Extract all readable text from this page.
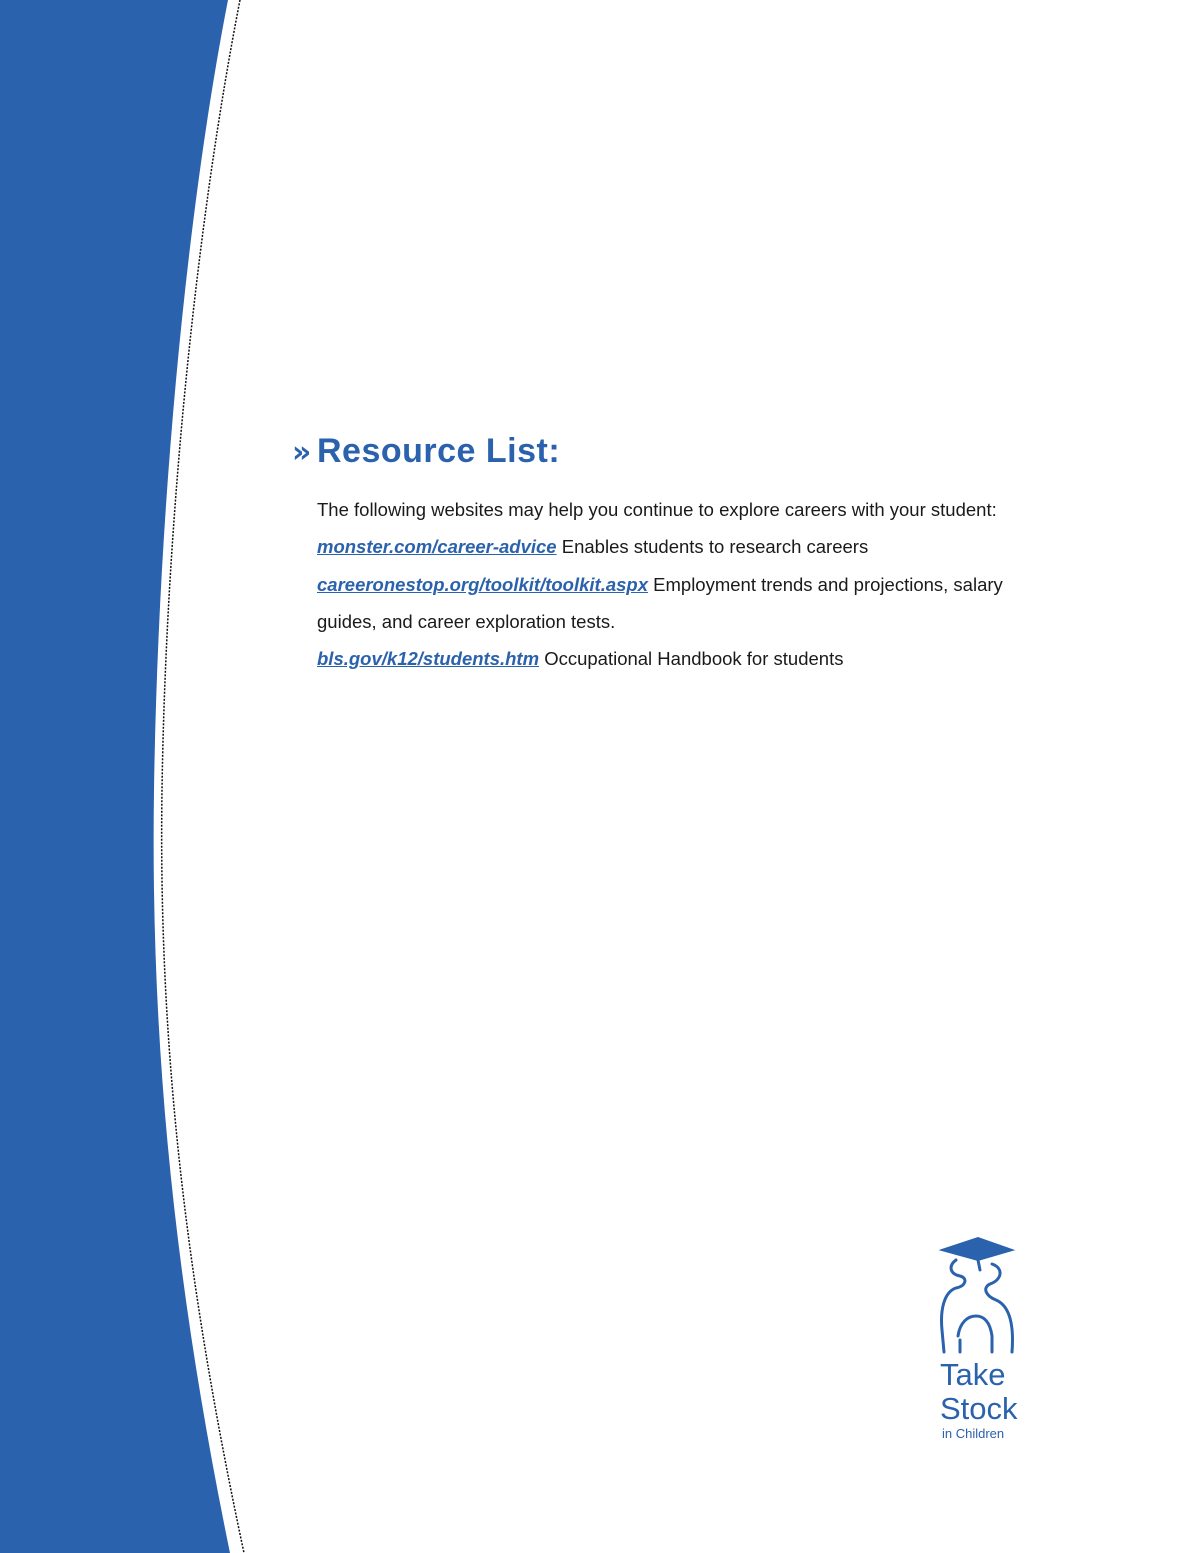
» Resource List:

The following websites may help you continue to explore careers with your student:

monster.com/career-advice Enables students to research careers

careeronestop.org/toolkit/toolkit.aspx Employment trends and projections, salary guides, and career exploration tests.

bls.gov/k12/students.htm Occupational Handbook for students

Take
Stock
in Children
